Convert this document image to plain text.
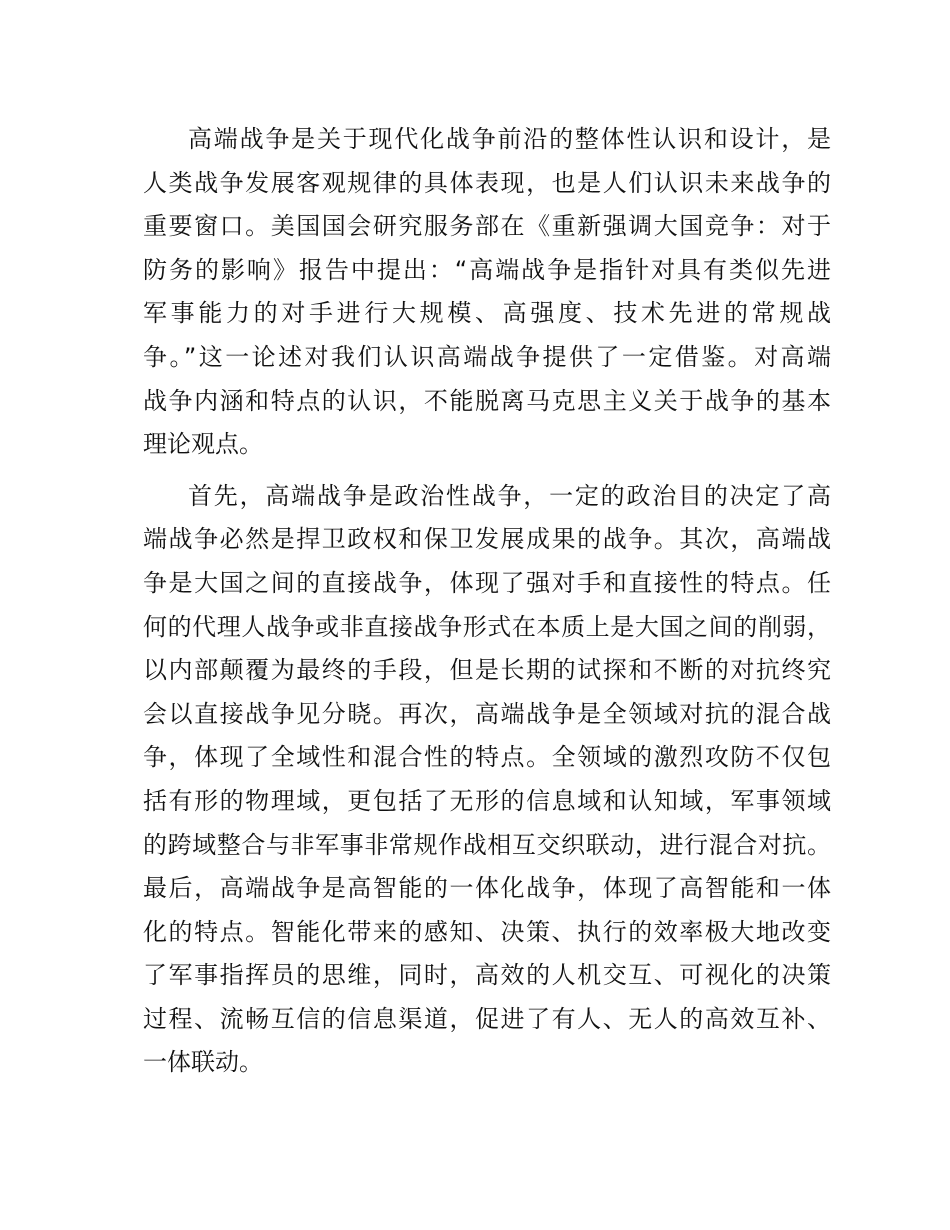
高端战争是关于现代化战争前沿的整体性认识和设计，是
人类战争发展客观规律的具体表现，也是人们认识未来战争的
重要窗口。美国国会研究服务部在《重新强调大国竞争：对于
防务的影响》报告中提出：“高端战争是指针对具有类似先进
军事能力的对手进行大规模、高强度、技术先进的常规战
争。”这一论述对我们认识高端战争提供了一定借鉴。对高端
战争内涵和特点的认识，不能脱离马克思主义关于战争的基本
理论观点。
首先，高端战争是政治性战争，一定的政治目的决定了高
端战争必然是捍卫政权和保卫发展成果的战争。其次，高端战
争是大国之间的直接战争，体现了强对手和直接性的特点。任
何的代理人战争或非直接战争形式在本质上是大国之间的削弱，
以内部颠覆为最终的手段，但是长期的试探和不断的对抗终究
会以直接战争见分晓。再次，高端战争是全领域对抗的混合战
争，体现了全域性和混合性的特点。全领域的激烈攻防不仅包
括有形的物理域，更包括了无形的信息域和认知域，军事领域
的跨域整合与非军事非常规作战相互交织联动，进行混合对抗。
最后，高端战争是高智能的一体化战争，体现了高智能和一体
化的特点。智能化带来的感知、决策、执行的效率极大地改变
了军事指挥员的思维，同时，高效的人机交互、可视化的决策
过程、流畅互信的信息渠道，促进了有人、无人的高效互补、
一体联动。
